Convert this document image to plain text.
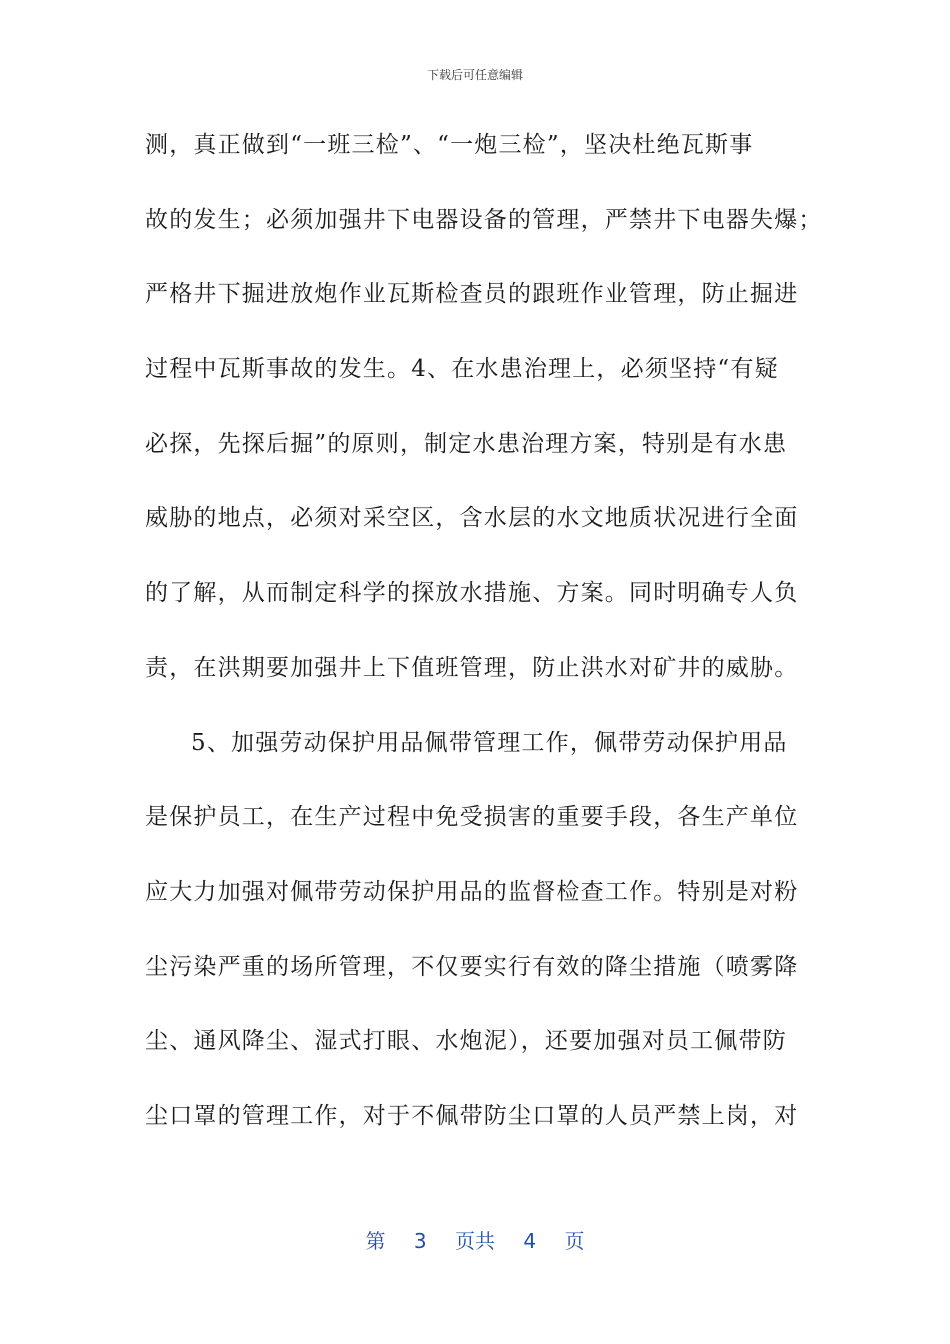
下载后可任意编辑
测，真正做到“一班三检”、“一炮三检”，坚决杜绝瓦斯事
故的发生；必须加强井下电器设备的管理，严禁井下电器失爆；
严格井下掘进放炮作业瓦斯检查员的跟班作业管理，防止掘进
过程中瓦斯事故的发生。4、在水患治理上，必须坚持“有疑
必探，先探后掘”的原则，制定水患治理方案，特别是有水患
威胁的地点，必须对采空区，含水层的水文地质状况进行全面
的了解，从而制定科学的探放水措施、方案。同时明确专人负
责，在洪期要加强井上下值班管理，防止洪水对矿井的威胁。
5、加强劳动保护用品佩带管理工作，佩带劳动保护用品
是保护员工，在生产过程中免受损害的重要手段，各生产单位
应大力加强对佩带劳动保护用品的监督检查工作。特别是对粉
尘污染严重的场所管理，不仅要实行有效的降尘措施（喷雾降
尘、通风降尘、湿式打眼、水炮泥），还要加强对员工佩带防
尘口罩的管理工作，对于不佩带防尘口罩的人员严禁上岗，对
第 3 页共 4 页
